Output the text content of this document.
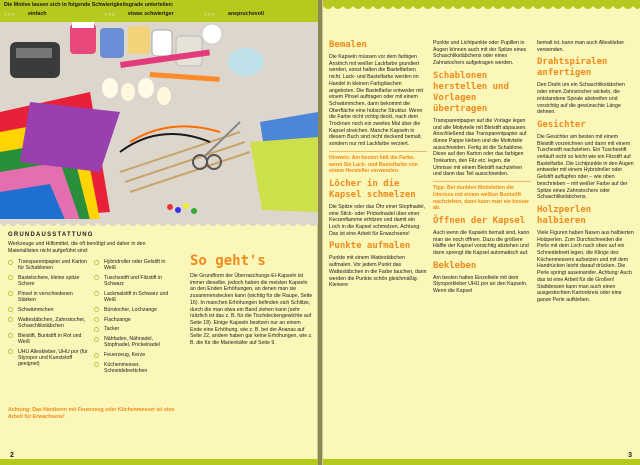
Die Motive lassen sich in folgende Schwierigkeitsgrade unterteilen:
○○○ einfach	○○○ etwas schwieriger	○○○ anspruchsvoll
GRUNDAUSSTATTUNG
Werkzeuge und Hilfsmittel, die oft benötigt und daher in den Materiallisten nicht aufgeführt sind:
Transparentpapier und Karton für Schablonen
Bastelschere, kleine spitze Schere
Pinsel in verschiedenen Stärken
Schwämmchen
Wattestäbchen, Zahnstocher, Schaschlikstäbchen
Bleistift, Buntstift in Rot und Weiß
UHU Alleskleber, UHU por (für Styropor und Kunststoff geeignet)
Hybridroller oder Gelstift in Weiß
Tuschestift und Filzstift in Schwarz
Lackmalstift in Schwarz und Weiß
Bürolocher, Lochzange
Flachzange
Tacker
Nähfaden, Nähnadel, Stopfnadel, Prickelnadel
Feuerzeug, Kerze
Küchenmesser, Schneidebrettchen
Achtung: Das Hantieren mit Feuerzeug oder Küchenmesser ist eine Arbeit für Erwachsene!
So geht's
Die Grundform der Überraschungs-Ei-Kapseln ist immer dieselbe, jedoch haben die meisten Kapseln an den Enden Erhöhungen, an denen man sie zusammenstecken kann (wichtig für die Raupe, Seite 16). In manchen Erhöhungen befinden sich Schlitze, durch die man etwa ein Band ziehen kann (sehr nützlich ist das z. B. für die Tischdeckengewichte auf Seite 18). Einige Kapseln besitzen nur an einem Ende eine Erhöhung, wie z. B. bei der Ananas auf Seite 22, andere haben gar keine Erhöhungen, wie z. B. die für die Marienkäfer auf Seite 9.
2
Bemalen

Die Kapseln müssen vor dem farbigen Anstrich mit weißer Lackfarbe grundiert werden, sonst halten die Bastelfarben nicht. Lack- und Bastelfarbe werden im Handel in kleinen Farbgläschen angeboten. Die Bastelfarbe entweder mit einem Pinsel auftragen oder mit einem Schwämmchen, dann bekommt die Oberfläche eine hübsche Struktur. Wenn die Farbe nicht richtig deckt, nach dem Trocknen noch ein zweites Mal über die Kapsel streichen. Manche Kapseln in diesem Buch sind nicht deckend bemalt, sondern nur mit Lackfarbe verziert.

Hinweis: Am besten hält die Farbe, wenn Sie Lack- und Bastelfarbe von einem Hersteller verwenden.
Löcher in die Kapsel schmelzen

Die Spitze oder das Öhr einer Stopfnadel, eine Stick- oder Prickelnadel über einer Kerzenflamme erhitzen und damit ein Loch in die Kapsel schmelzen. Achtung: Das ist eine Arbeit für Erwachsene!

Punkte aufmalen

Punkte mit einem Wattestäbchen aufmalen. Vor jedem Punkt das Wattestäbchen in die Farbe tauchen, dann werden die Punkte schön gleichmäßig. Kleinere

Punkte und Lichtpunkte oder Pupillen in Augen können auch mit der Spitze eines Schaschlikstäbchens oder eines Zahnstochers aufgetragen werden.

Schablonen herstellen und Vorlagen übertragen

Transparentpapier auf die Vorlage legen und alle Motivteile mit Bleistift abpausen. Anschließend das Transparentpapier auf dünne Pappe kleben und die Motivteile ausschneiden. Fertig ist die Schablone. Diese auf den Karton oder das farbigen Tonkarton, den Filz etc. legen, die Umrisse mit einem Bleistift nachziehen und dann das Teil ausschneiden.

Tipp: Bei dunklen Motivteilen die Umrisse mit einem weißen Buntstift nachziehen, dann kann man sie besser ab.
Öffnen der Kapsel

Auch wenn die Kapseln bemalt sind, kann man sie noch öffnen. Dazu die größere Hälfte der Kapsel vorsichtig abziehen und dann sprengt die Kapsel automatisch auf.

Bekleben

Am besten halten Einzelteile mit dem Styroporkleber UHU por an den Kapseln. Wenn die Kapsel

bemalt ist, kann man auch Alleskleber verwenden.

Drahtspiralen anfertigen

Den Draht um ein Schaschlikstäbchen oder einen Zahnstocher wickeln, die entstandene Spirale abstreifen und vorsichtig auf die gewünschte Länge dehnen.

Gesichter

Die Gesichter am besten mit einem Bleistift vorzeichnen und dann mit einem Tuschestift nachziehen. Ein Tuschestift verläuft nicht so leicht wie ein Filzstift auf Bastelfarbe. Die Lichtpunkte in den Augen entweder mit einem Hybridroller oder Gelstift auftupfen oder – wie oben beschrieben – mit weißer Farbe auf der Spitze eines Zahnstochers oder Schaschlikstäbchens.

Holzperlen halbieren

Viele Figuren haben Nasen aus halbierten Holzperlen. Zum Durchschneiden die Perle mit dem Loch nach oben auf ein Schneidebrett legen, die Klinge des Küchenmessers aufsetzen und mit dem Handrücken leicht darauf drücken. Die Perle springt auseinander. Achtung: Auch das ist eine Arbeit für die Großen! Stattdessen kann man auch einen ausgestochten Kartonkreis oder eine ganze Perle aufkleben.

3
